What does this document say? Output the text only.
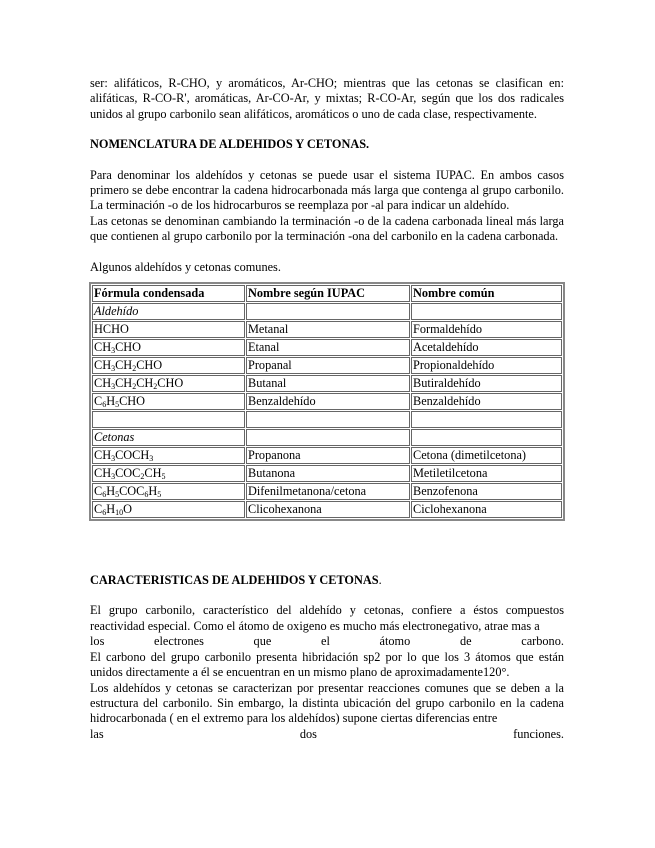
ser: alifáticos, R-CHO, y aromáticos, Ar-CHO; mientras que las cetonas se clasifican en: alifáticas, R-CO-R', aromáticas, Ar-CO-Ar, y mixtas; R-CO-Ar, según que los dos radicales unidos al grupo carbonilo sean alifáticos, aromáticos o uno de cada clase, respectivamente.

NOMENCLATURA DE ALDEHIDOS Y CETONAS.

Para denominar los aldehídos y cetonas se puede usar el sistema IUPAC. En ambos casos primero se debe encontrar la cadena hidrocarbonada más larga que contenga al grupo carbonilo. La terminación -o de los hidrocarburos se reemplaza por -al para indicar un aldehído.

Las cetonas se denominan cambiando la terminación -o de la cadena carbonada lineal más larga que contienen al grupo carbonilo por la terminación -ona del carbonilo en la cadena carbonada.

Algunos aldehídos y cetonas comunes.

Fórmula condensada	Nombre según IUPAC	Nombre común
Aldehído		
HCHO	Metanal	Formaldehído
$CH_3CHO$	Etanal	Acetaldehído
$CH_3CH_2CHO$	Propanal	Propionaldehído
$CH_3CH_2CH_2CHO$	Butanal	Butiraldehído
$C_6H_5CHO$	Benzaldehído	Benzaldehído

Cetonas		
$CH_3COCH_3$	Propanona	Cetona (dimetilcetona)
$CH_3COC_2CH_5$	Butanona	Metiletilcetona
$C_6H_5COC_6H_5$	Difenilmetanona/cetona	Benzofenona
$C_6H_{10}O$	Clicohexanona	Ciclohexanona
CARACTERISTICAS DE ALDEHIDOS Y CETONAS.

El grupo carbonilo, característico del aldehído y cetonas, confiere a éstos compuestos reactividad especial. Como el átomo de oxigeno es mucho más electronegativo, atrae mas a

los	electrones	que	el	átomo	de	carbono.

El carbono del grupo carbonilo presenta hibridación sp2 por lo que los 3 átomos que están unidos directamente a él se encuentran en un mismo plano de aproximadamente120°.

Los aldehídos y cetonas se caracterizan por presentar reacciones comunes que se deben a la estructura del carbonilo. Sin embargo, la distinta ubicación del grupo carbonilo en la cadena hidrocarbonada ( en el extremo para los aldehídos) supone ciertas diferencias entre

las	dos	funciones.
